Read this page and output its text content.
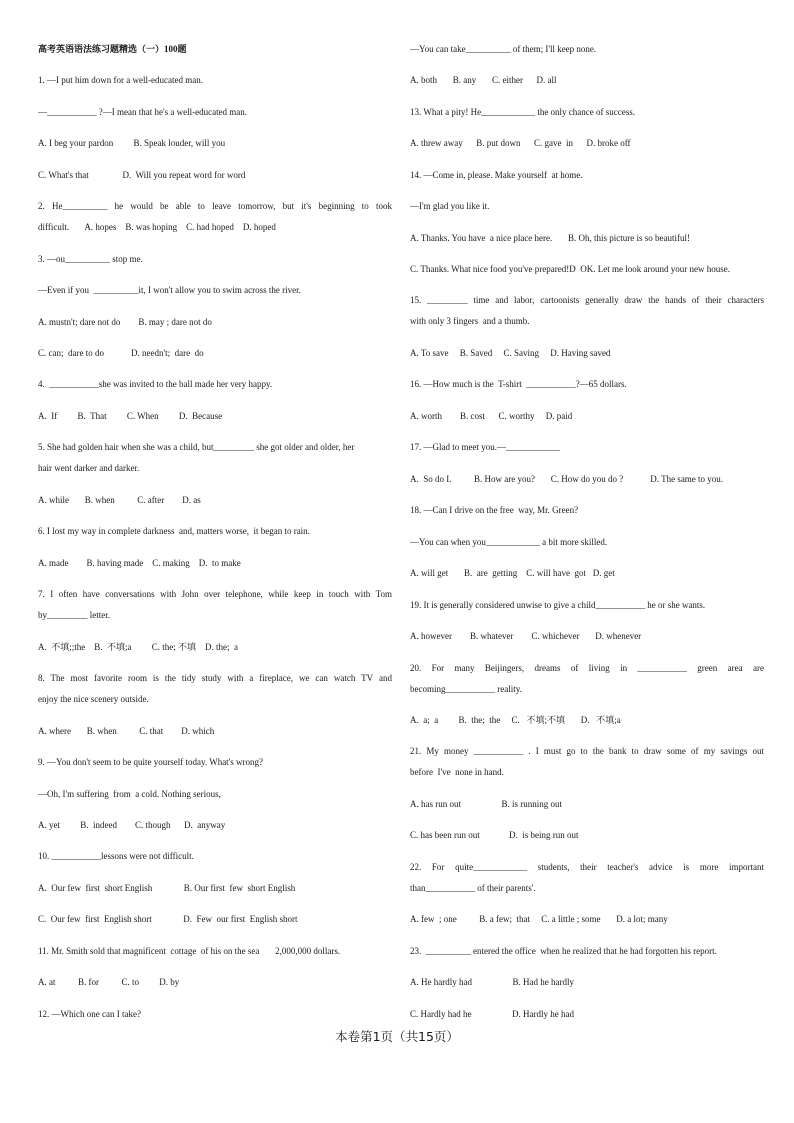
高考英语语法练习题精选（一）100题
1. —I put him down for a well-educated man.
—___________ ?—I mean that he's a well-educated man.
A. I beg your pardon         B. Speak louder, will you
C. What's that               D.  Will you repeat word for word
2. He__________ he would be able to leave tomorrow, but it's beginning to took
difficult.       A. hopes    B. was hoping    C. had hoped    D. hoped
3. —ou__________ stop me.
—Even if you  __________it, I won't allow you to swim across the river.
A. mustn't; dare not do        B. may ; dare not do
C. can;  dare to do            D. needn't;  dare  do
4.  ___________she was invited to the ball made her very happy.
A.  If         B.  That         C. When         D.  Because
5. She had golden hair when she was a child, but_________ she got older and older, her
hair went darker and darker.
A. while       B. when          C. after        D. as
6. I lost my way in complete darkness  and, matters worse,  it began to rain.
A. made        B. having made    C. making    D.  to make
7. I often have conversations with John over telephone, while keep in touch with Tom
by_________ letter.
A.  不填;;the    B.  不填;a         C. the; 不填    D. the;  a
8. The most favorite room is the tidy study with a fireplace, we can watch TV and
enjoy the nice scenery outside.
A. where       B. when          C. that        D. which
9. —You don't seem to be quite yourself today. What's wrong?
—Oh, I'm suffering  from  a cold. Nothing serious,
A. yet         B.  indeed        C. though      D.  anyway
10. ___________lessons were not difficult.
A.  Our few  first  short English              B. Our first  few  short English
C.  Our few  first  English short              D.  Few  our first  English short
11. Mr. Smith sold that magnificent  cottage  of his on the sea       2,000,000 dollars.
A. at          B. for          C. to         D. by
12. —Which one can I take?
—You can take__________ of them; I'll keep none.
A. both       B. any       C. either      D. all
13. What a pity! He____________ the only chance of success.
A. threw away      B. put down      C. gave  in      D. broke off
14. —Come in, please. Make yourself  at home.
—I'm glad you like it.
A. Thanks. You have  a nice place here.       B. Oh, this picture is so beautiful!
C. Thanks. What nice food you've prepared!D  OK. Let me look around your new house.
15. _________ time and labor, cartoonists generally draw the hands of their characters
with only 3 fingers  and a thumb.
A. To save     B. Saved     C. Saving     D. Having saved
16. —How much is the  T-shirt  ___________?—65 dollars.
A. worth        B. cost      C. worthy     D. paid
17. —Glad to meet you.—____________
A.  So do I.          B. How are you?       C. How do you do ?            D. The same to you.
18. —Can I drive on the free  way, Mr. Green?
—You can when you____________ a bit more skilled.
A. will get       B.  are  getting    C. will have  got   D. get
19. It is generally considered unwise to give a child___________ he or she wants.
A. however        B. whatever        C. whichever       D. whenever
20. For many Beijingers, dreams of living in ___________ green area are
becoming___________ reality.
A.  a;  a         B.  the;  the     C.   不填;不填       D.   不填;a
21. My money ___________ . I must go to the bank to draw some of my savings out
before  I've  none in hand.
A. has run out                  B. is running out
C. has been run out             D.  is being run out
22. For quite____________ students, their teacher's advice is more important
than___________ of their parents'.
A. few  ; one          B. a few;  that     C. a little ; some       D. a lot; many
23.  __________ entered the office  when he realized that he had forgotten his report.
A. He hardly had                  B. Had he hardly
C. Hardly had he                  D. Hardly he had
本卷第1页（共15页）
